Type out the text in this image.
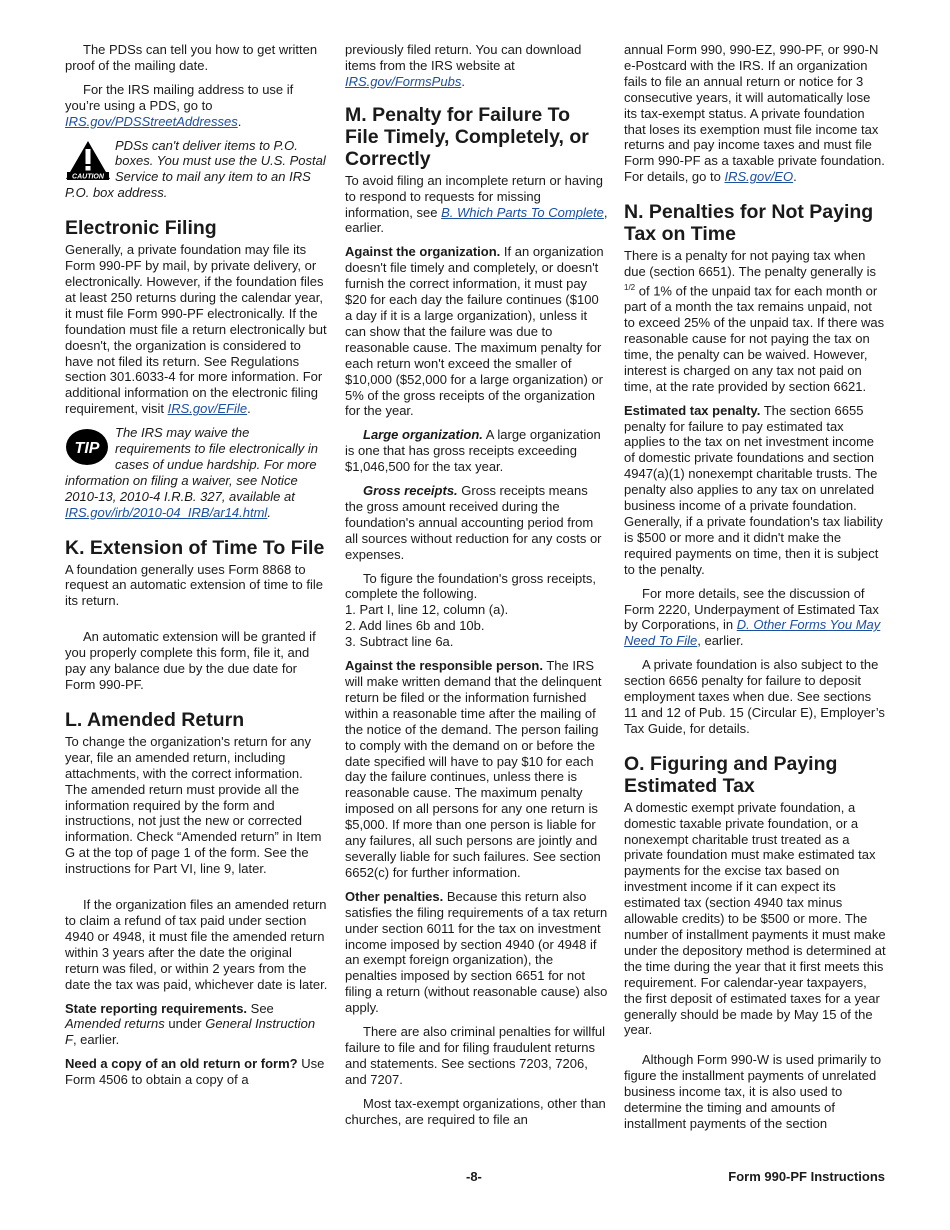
The PDSs can tell you how to get written proof of the mailing date.

For the IRS mailing address to use if you’re using a PDS, go to IRS.gov/PDSStreetAddresses.

CAUTION
PDSs can't deliver items to P.O. boxes. You must use the U.S. Postal Service to mail any item to an IRS P.O. box address.
Electronic Filing

Generally, a private foundation may file its Form 990-PF by mail, by private delivery, or electronically. However, if the foundation files at least 250 returns during the calendar year, it must file Form 990-PF electronically. If the foundation must file a return electronically but doesn't, the organization is considered to have not filed its return. See Regulations section 301.6033-4 for more information. For additional information on the electronic filing requirement, visit IRS.gov/EFile.

TIP
The IRS may waive the requirements to file electronically in cases of undue hardship. For more information on filing a waiver, see Notice 2010-13, 2010-4 I.R.B. 327, available at IRS.gov/irb/2010-04_IRB/ar14.html.
K. Extension of Time To File

A foundation generally uses Form 8868 to request an automatic extension of time to file its return.

An automatic extension will be granted if you properly complete this form, file it, and pay any balance due by the due date for Form 990-PF.

L. Amended Return

To change the organization's return for any year, file an amended return, including attachments, with the correct information. The amended return must provide all the information required by the form and instructions, not just the new or corrected information. Check “Amended return” in Item G at the top of page 1 of the form. See the instructions for Part VI, line 9, later.

If the organization files an amended return to claim a refund of tax paid under section 4940 or 4948, it must file the amended return within 3 years after the date the original return was filed, or within 2 years from the date the tax was paid, whichever date is later.

State reporting requirements. See Amended returns under General Instruction F, earlier.

Need a copy of an old return or form? Use Form 4506 to obtain a copy of a

previously filed return. You can download items from the IRS website at IRS.gov/FormsPubs.

M. Penalty for Failure To File Timely, Completely, or Correctly

To avoid filing an incomplete return or having to respond to requests for missing information, see B. Which Parts To Complete, earlier.

Against the organization. If an organization doesn't file timely and completely, or doesn't furnish the correct information, it must pay $20 for each day the failure continues ($100 a day if it is a large organization), unless it can show that the failure was due to reasonable cause. The maximum penalty for each return won't exceed the smaller of $10,000 ($52,000 for a large organization) or 5% of the gross receipts of the organization for the year.

Large organization. A large organization is one that has gross receipts exceeding $1,046,500 for the tax year.

Gross receipts. Gross receipts means the gross amount received during the foundation's annual accounting period from all sources without reduction for any costs or expenses.

To figure the foundation's gross receipts, complete the following.
1. Part I, line 12, column (a).
2. Add lines 6b and 10b.
3. Subtract line 6a.

Against the responsible person. The IRS will make written demand that the delinquent return be filed or the information furnished within a reasonable time after the mailing of the notice of the demand. The person failing to comply with the demand on or before the date specified will have to pay $10 for each day the failure continues, unless there is reasonable cause. The maximum penalty imposed on all persons for any one return is $5,000. If more than one person is liable for any failures, all such persons are jointly and severally liable for such failures. See section 6652(c) for further information.

Other penalties. Because this return also satisfies the filing requirements of a tax return under section 6011 for the tax on investment income imposed by section 4940 (or 4948 if an exempt foreign organization), the penalties imposed by section 6651 for not filing a return (without reasonable cause) also apply.

There are also criminal penalties for willful failure to file and for filing fraudulent returns and statements. See sections 7203, 7206, and 7207.

Most tax-exempt organizations, other than churches, are required to file an

annual Form 990, 990-EZ, 990-PF, or 990-N e-Postcard with the IRS. If an organization fails to file an annual return or notice for 3 consecutive years, it will automatically lose its tax-exempt status. A private foundation that loses its exemption must file income tax returns and pay income taxes and must file Form 990-PF as a taxable private foundation. For details, go to IRS.gov/EO.

N. Penalties for Not Paying Tax on Time

There is a penalty for not paying tax when due (section 6651). The penalty generally is $^{1/2}$ of 1% of the unpaid tax for each month or part of a month the tax remains unpaid, not to exceed 25% of the unpaid tax. If there was reasonable cause for not paying the tax on time, the penalty can be waived. However, interest is charged on any tax not paid on time, at the rate provided by section 6621.

Estimated tax penalty. The section 6655 penalty for failure to pay estimated tax applies to the tax on net investment income of domestic private foundations and section 4947(a)(1) nonexempt charitable trusts. The penalty also applies to any tax on unrelated business income of a private foundation. Generally, if a private foundation's tax liability is $500 or more and it didn't make the required payments on time, then it is subject to the penalty.

For more details, see the discussion of Form 2220, Underpayment of Estimated Tax by Corporations, in D. Other Forms You May Need To File, earlier.

A private foundation is also subject to the section 6656 penalty for failure to deposit employment taxes when due. See sections 11 and 12 of Pub. 15 (Circular E), Employer’s Tax Guide, for details.

O. Figuring and Paying Estimated Tax

A domestic exempt private foundation, a domestic taxable private foundation, or a nonexempt charitable trust treated as a private foundation must make estimated tax payments for the excise tax based on investment income if it can expect its estimated tax (section 4940 tax minus allowable credits) to be $500 or more. The number of installment payments it must make under the depository method is determined at the time during the year that it first meets this requirement. For calendar-year taxpayers, the first deposit of estimated taxes for a year generally should be made by May 15 of the year.

Although Form 990-W is used primarily to figure the installment payments of unrelated business income tax, it is also used to determine the timing and amounts of installment payments of the section

-8-	Form 990-PF Instructions
